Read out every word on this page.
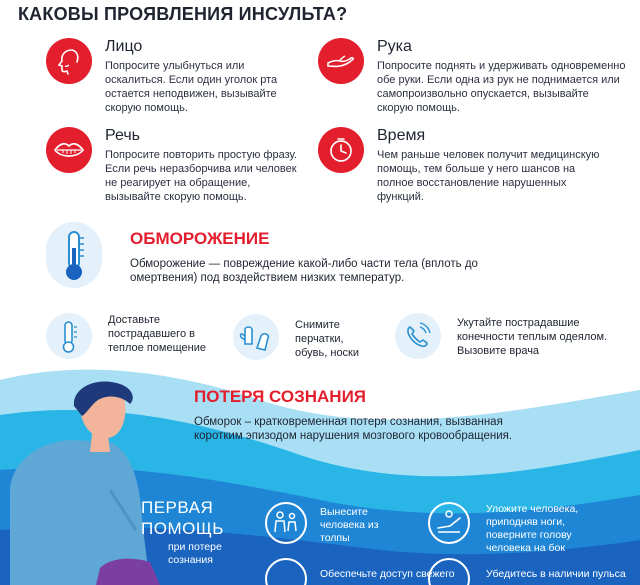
КАКОВЫ ПРОЯВЛЕНИЯ ИНСУЛЬТА?
Лицо

Попросите улыбнуться или оскалиться. Если один уголок рта остается неподвижен, вызывайте скорую помощь.

Рука

Попросите поднять и удерживать одновременно обе руки. Если одна из рук не поднимается или самопроизвольно опускается, вызывайте скорую помощь.

Речь

Попросите повторить простую фразу. Если речь неразборчива или человек не реагирует на обращение, вызывайте скорую помощь.

Время

Чем раньше человек получит медицинскую помощь, тем больше у него шансов на полное восстановление нарушенных функций.

ОБМОРОЖЕНИЕ
Обморожение — повреждение какой-либо части тела (вплоть до омертвения) под воздействием низких температур.
Доставьте пострадавшего в теплое помещение
Снимите перчатки, обувь, носки
Укутайте пострадавшие конечности теплым одеялом. Вызовите врача
ПОТЕРЯ СОЗНАНИЯ
Обморок – кратковременная потеря сознания, вызванная коротким эпизодом нарушения мозгового кровообращения.
ПЕРВАЯ
ПОМОЩЬ
при потере сознания
Вынесите человека из толпы
Уложите человека, приподняв ноги, поверните голову человека на бок
Обеспечьте доступ свежего	Убедитесь в наличии пульса
